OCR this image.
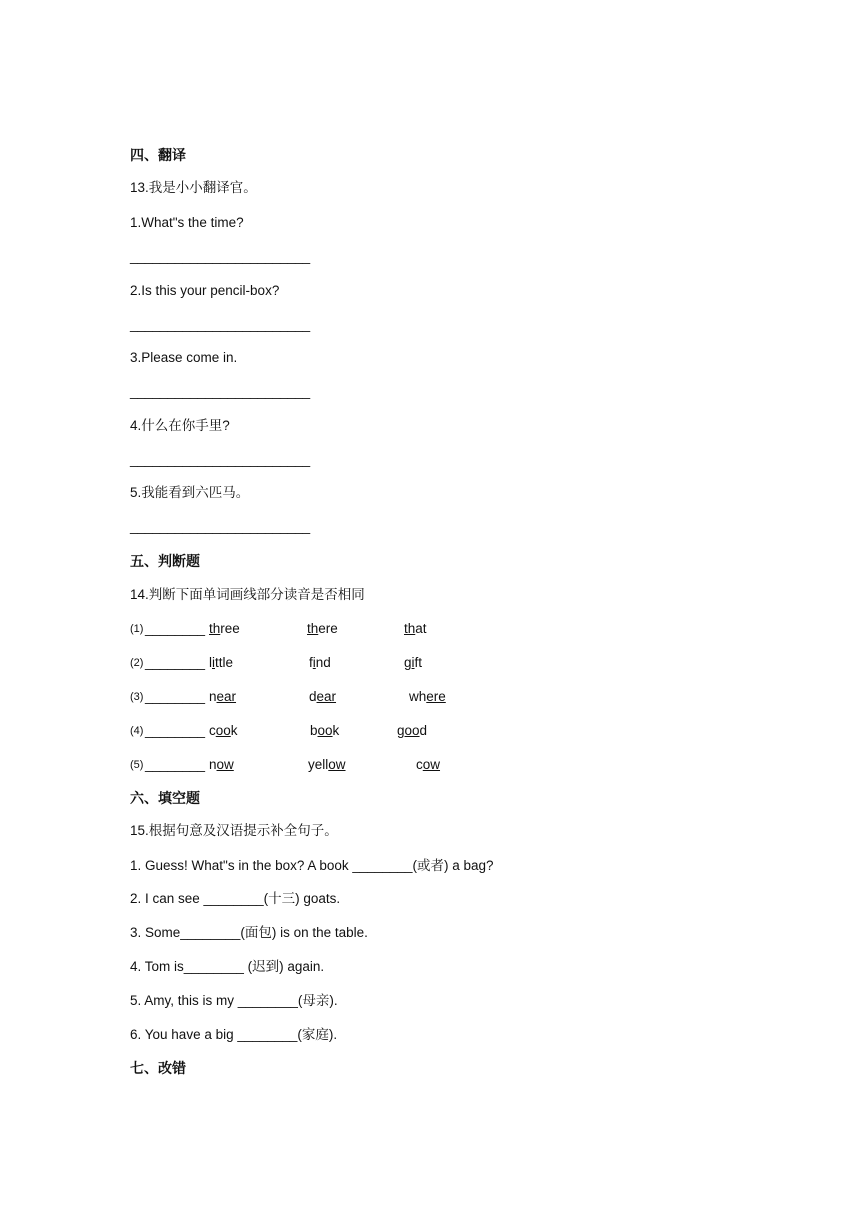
四、翻译
13.我是小小翻译官。
1.What"s the time?
________________________
2.Is this your pencil-box?
________________________
3.Please come in.
________________________
4.什么在你手里?
________________________
5.我能看到六匹马。
________________________
五、判断题
14.判断下面单词画线部分读音是否相同
(1) ________ three	there	that
(2) ________ little	find	gift
(3) ________ near	dear	where
(4) ________ cook	book	good
(5) ________ now	yellow	cow
六、填空题
15.根据句意及汉语提示补全句子。
1. Guess! What"s in the box? A book ________(或者) a bag?
2. I can see ________(十三) goats.
3. Some________(面包) is on the table.
4. Tom is________ (迟到) again.
5. Amy, this is my ________(母亲).
6. You have a big ________(家庭).
七、改错
